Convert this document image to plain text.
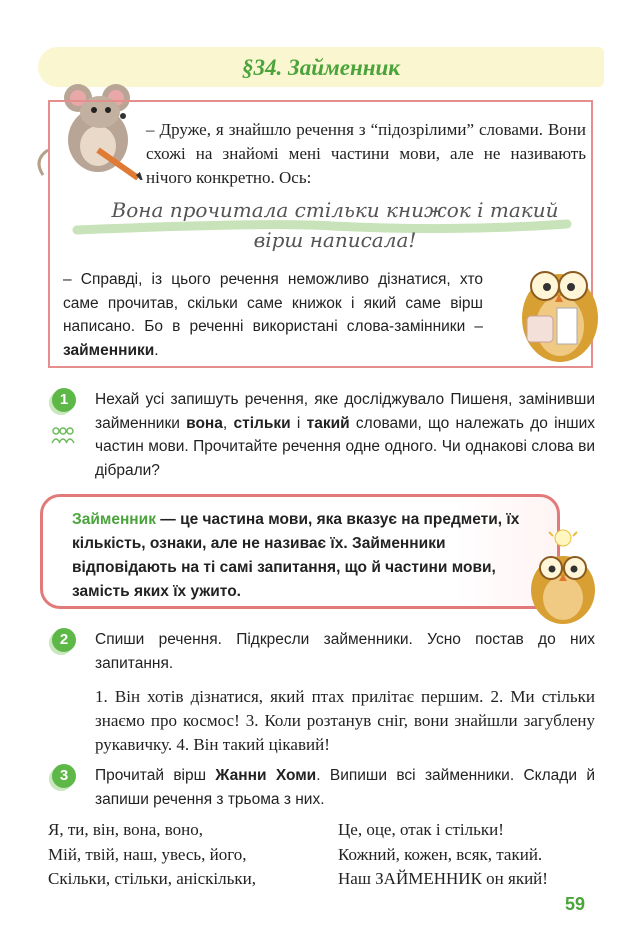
§34. Займенник
– Друже, я знайшло речення з “підозрілими” словами. Вони схожі на знайомі мені частини мови, але не називають нічого конкретно. Ось:
Вона прочитала стільки книжок і такий
вірш написала!
– Справді, із цього речення неможливо дізнатися, хто саме прочитав, скільки саме книжок і який саме вірш написано. Бо в реченні використані слова-замінники – займенники.
1	Нехай усі запишуть речення, яке досліджувало Пишеня, замінивши займенники вона, стільки і такий словами, що належать до інших частин мови. Прочитайте речення одне одного. Чи однакові слова ви дібрали?
Займенник — це частина мови, яка вказує на предмети, їх кількість, ознаки, але не називає їх. Займенники відповідають на ті самі запитання, що й частини мови, замість яких їх ужито.
2	Спиши речення. Підкресли займенники. Усно постав до них запитання.
1. Він хотів дізнатися, який птах прилітає першим. 2. Ми стільки знаємо про космос! 3. Коли розтанув сніг, вони знайшли загублену рукавичку. 4. Він такий цікавий!
3	Прочитай вірш Жанни Хоми. Випиши всі займенники. Склади й запиши речення з трьома з них.
Я, ти, він, вона, воно,
Мій, твій, наш, увесь, його,
Скільки, стільки, аніскільки,
Це, оце, отак і стільки!
Кожний, кожен, всяк, такий.
Наш ЗАЙМЕННИК он який!
59
